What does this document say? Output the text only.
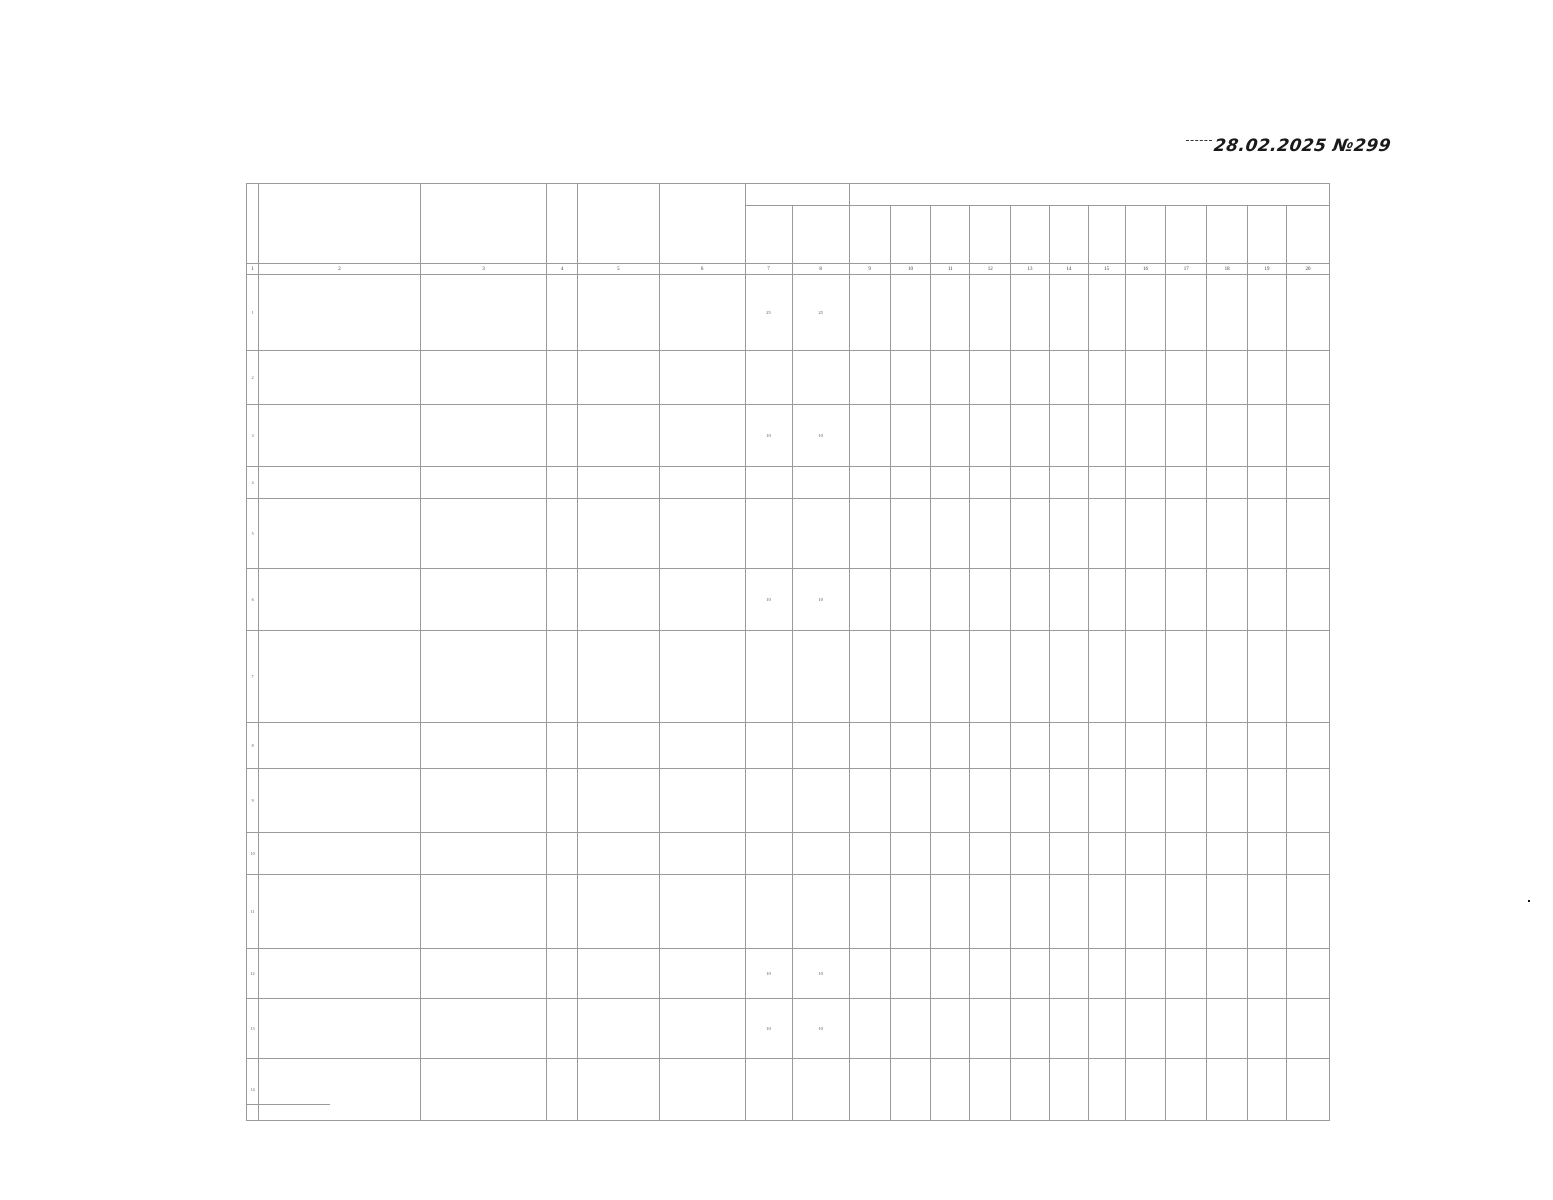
28.02.2025 №299

1	2	3	4	5	6	7	8	9	10	11	12	13	14	15	16	17	18	19	20
1						25	25												
2																			
3						10	10												
4																			
5																			
6						10	10												
7																			
8																			
9																			
10																			
11																			
12						10	10												
13						10	10												
14																			
